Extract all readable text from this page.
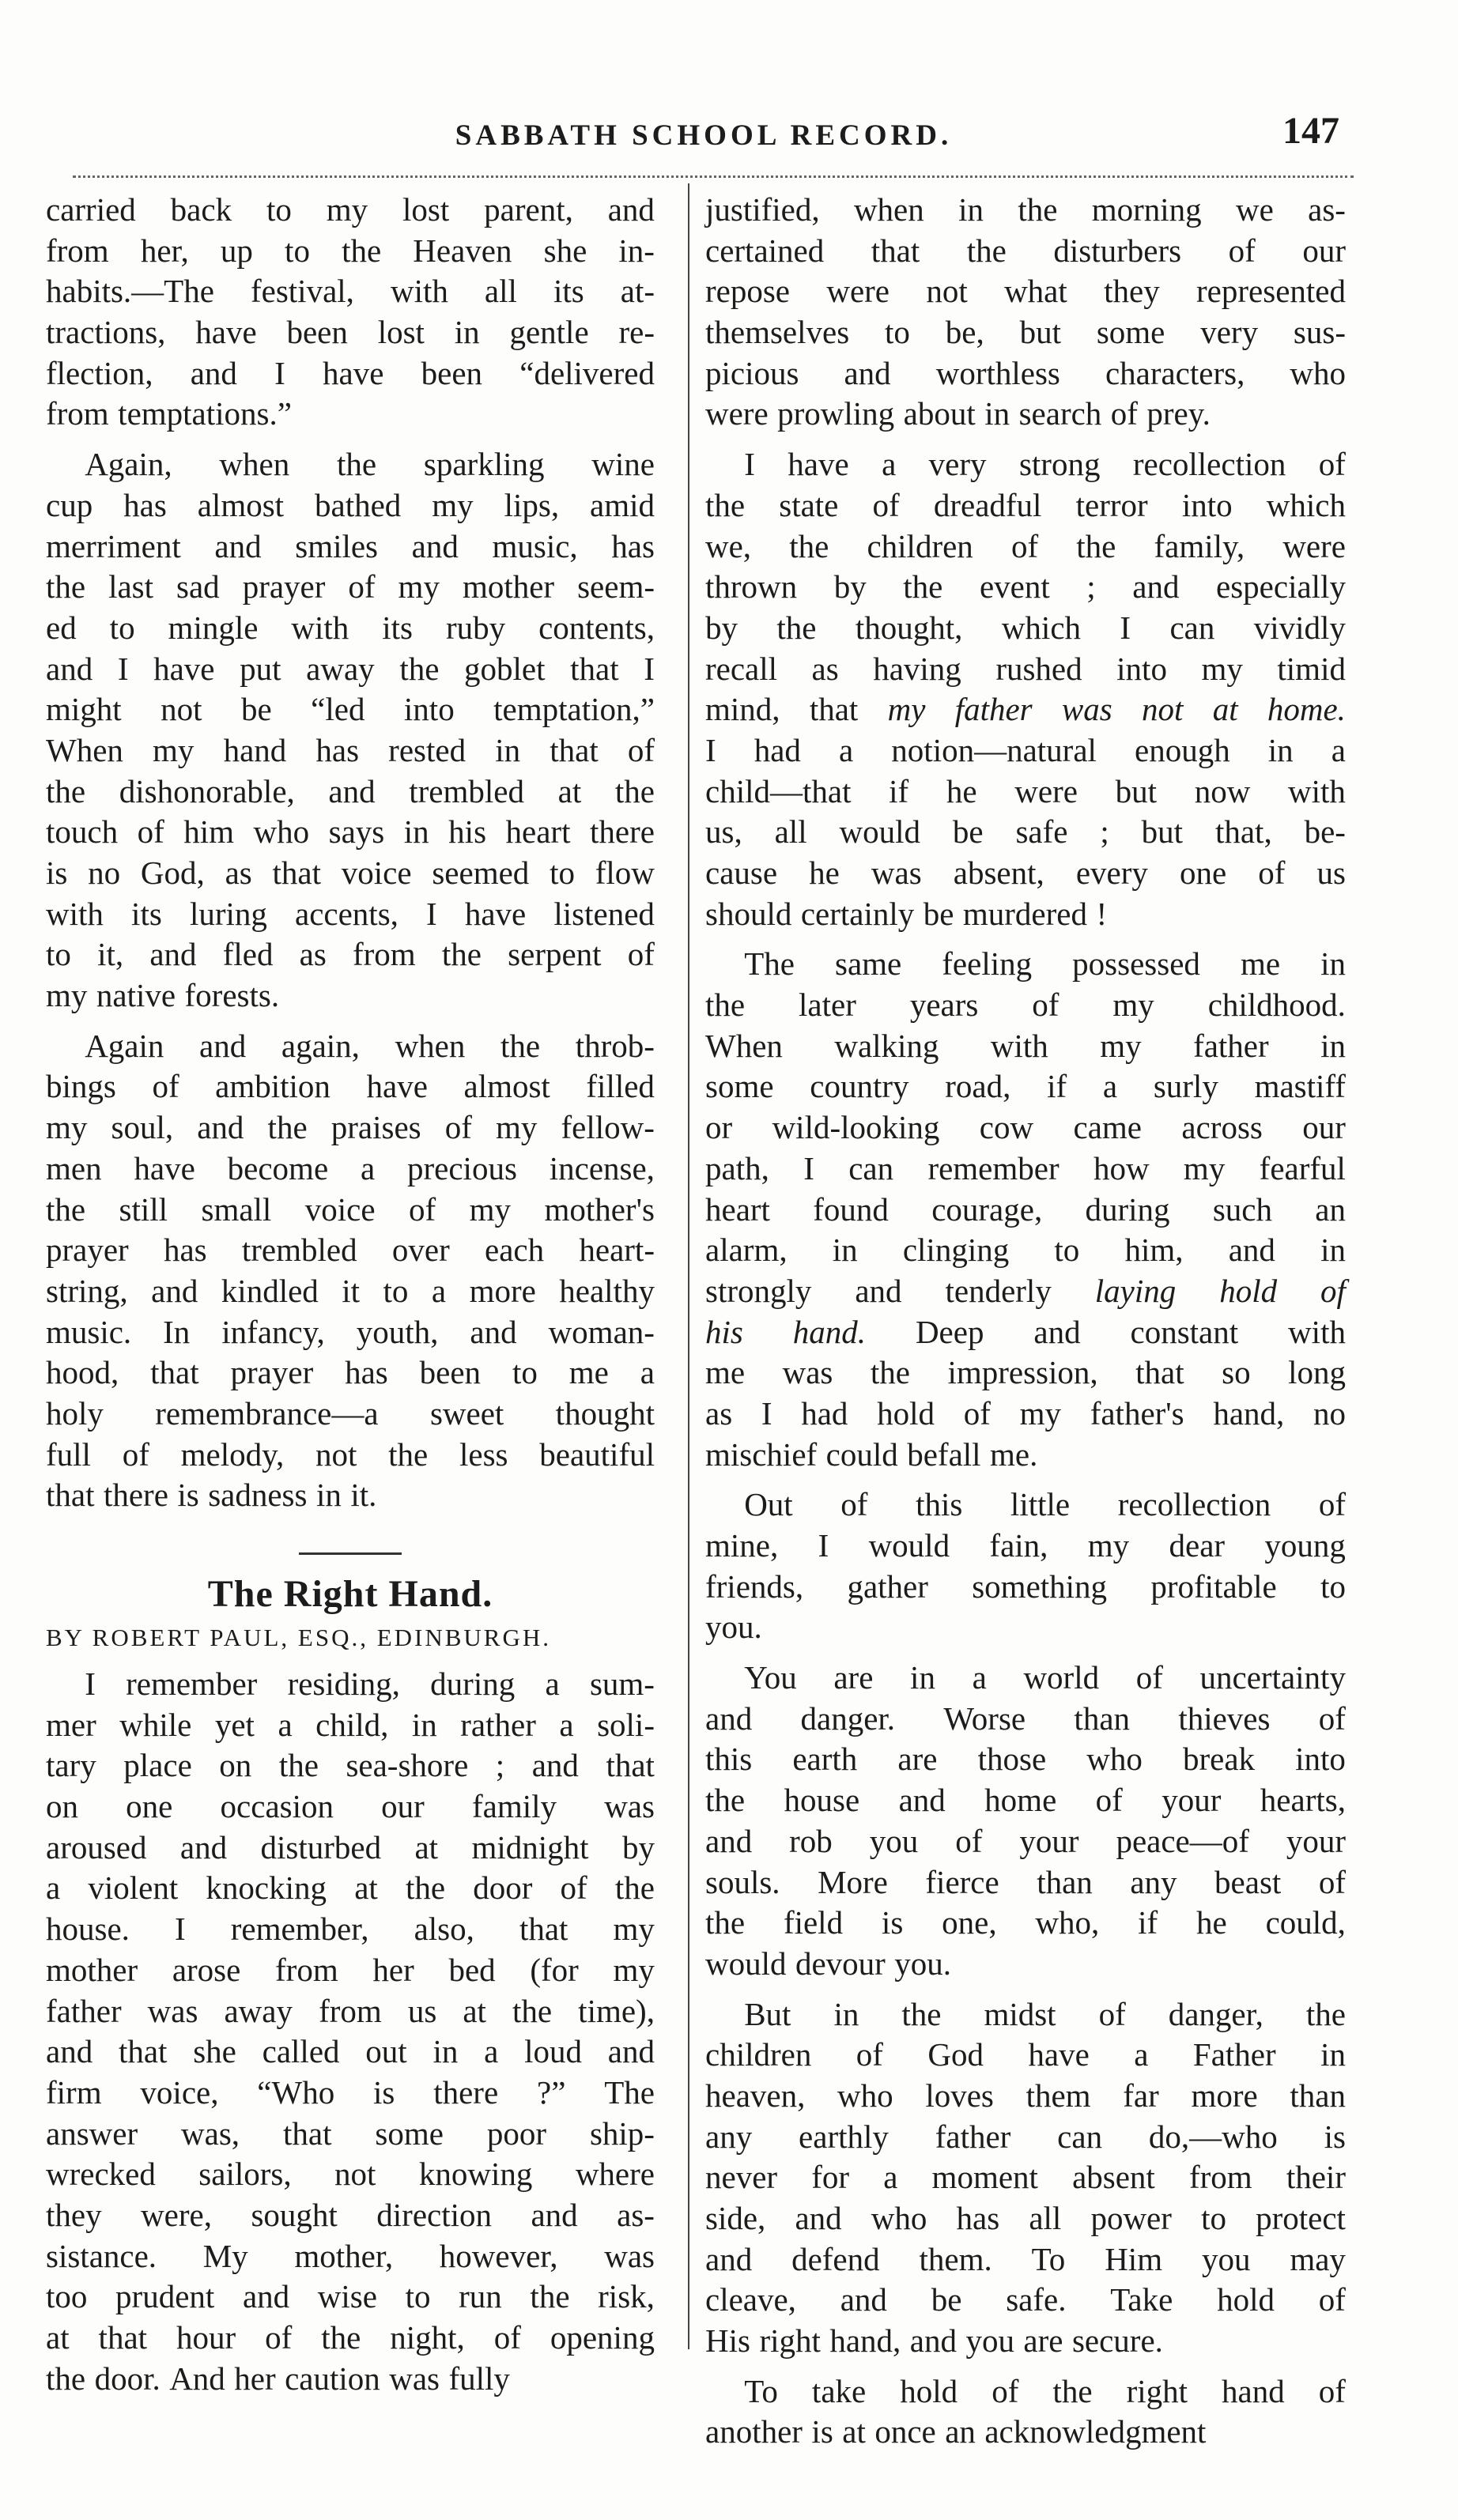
SABBATH SCHOOL RECORD.	147
carried back to my lost parent, and
from her, up to the Heaven she in-
habits.—The festival, with all its at-
tractions, have been lost in gentle re-
flection, and I have been “delivered
from temptations.”
Again, when the sparkling wine
cup has almost bathed my lips, amid
merriment and smiles and music, has
the last sad prayer of my mother seem-
ed to mingle with its ruby contents,
and I have put away the goblet that I
might not be “led into temptation,”
When my hand has rested in that of
the dishonorable, and trembled at the
touch of him who says in his heart there
is no God, as that voice seemed to flow
with its luring accents, I have listened
to it, and fled as from the serpent of
my native forests.
Again and again, when the throb-
bings of ambition have almost filled
my soul, and the praises of my fellow-
men have become a precious incense,
the still small voice of my mother's
prayer has trembled over each heart-
string, and kindled it to a more healthy
music. In infancy, youth, and woman-
hood, that prayer has been to me a
holy remembrance—a sweet thought
full of melody, not the less beautiful
that there is sadness in it.
The Right Hand.
BY ROBERT PAUL, ESQ., EDINBURGH.
I remember residing, during a sum-
mer while yet a child, in rather a soli-
tary place on the sea-shore ; and that
on one occasion our family was
aroused and disturbed at midnight by
a violent knocking at the door of the
house. I remember, also, that my
mother arose from her bed (for my
father was away from us at the time),
and that she called out in a loud and
firm voice, “Who is there ?” The
answer was, that some poor ship-
wrecked sailors, not knowing where
they were, sought direction and as-
sistance. My mother, however, was
too prudent and wise to run the risk,
at that hour of the night, of opening
the door. And her caution was fully
justified, when in the morning we as-
certained that the disturbers of our
repose were not what they represented
themselves to be, but some very sus-
picious and worthless characters, who
were prowling about in search of prey.
I have a very strong recollection of
the state of dreadful terror into which
we, the children of the family, were
thrown by the event ; and especially
by the thought, which I can vividly
recall as having rushed into my timid
mind, that my father was not at home.
I had a notion—natural enough in a
child—that if he were but now with
us, all would be safe ; but that, be-
cause he was absent, every one of us
should certainly be murdered !
The same feeling possessed me in
the later years of my childhood.
When walking with my father in
some country road, if a surly mastiff
or wild-looking cow came across our
path, I can remember how my fearful
heart found courage, during such an
alarm, in clinging to him, and in
strongly and tenderly laying hold of
his hand. Deep and constant with
me was the impression, that so long
as I had hold of my father's hand, no
mischief could befall me.
Out of this little recollection of
mine, I would fain, my dear young
friends, gather something profitable to
you.
You are in a world of uncertainty
and danger. Worse than thieves of
this earth are those who break into
the house and home of your hearts,
and rob you of your peace—of your
souls. More fierce than any beast of
the field is one, who, if he could,
would devour you.
But in the midst of danger, the
children of God have a Father in
heaven, who loves them far more than
any earthly father can do,—who is
never for a moment absent from their
side, and who has all power to protect
and defend them. To Him you may
cleave, and be safe. Take hold of
His right hand, and you are secure.
To take hold of the right hand of
another is at once an acknowledgment
